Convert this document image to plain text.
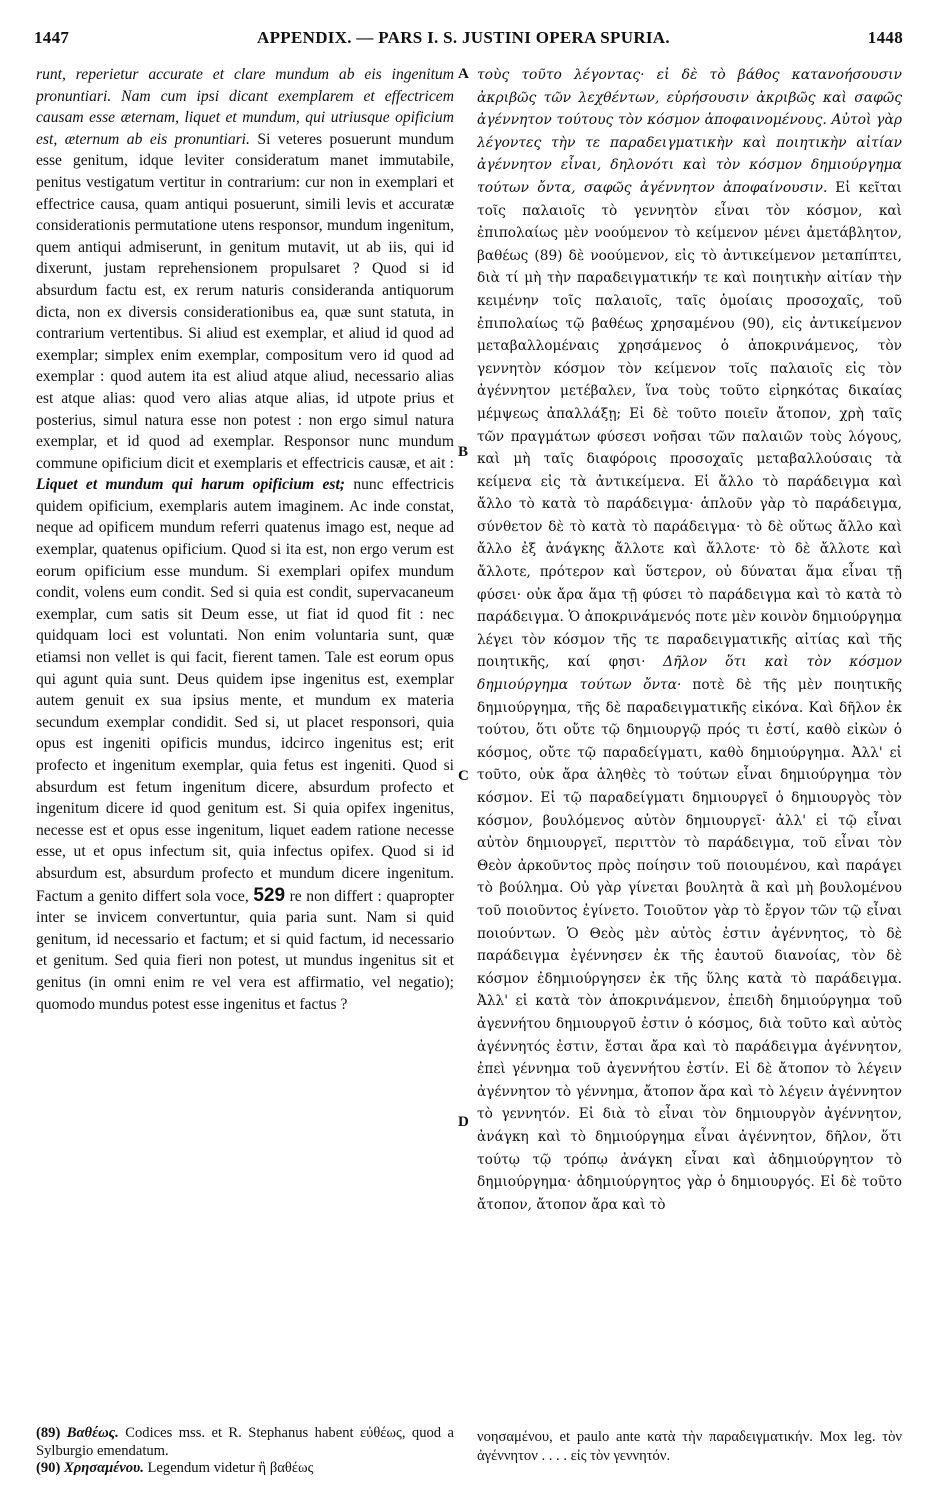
1447	APPENDIX. — PARS I. S. JUSTINI OPERA SPURIA.	1448

runt, reperietur accurate et clare mundum ab eis ingenitum pronuntiari. Nam cum ipsi dicant exemplarem et effectricem causam esse æternam, liquet et mundum, qui utriusque opificium est, æternum ab eis pronuntiari. Si veteres posuerunt mundum esse genitum, idque leviter consideratum manet immutabile, penitus vestigatum vertitur in contrarium: cur non in exemplari et effectrice causa, quam antiqui posuerunt, simili levis et accuratæ considerationis permutatione utens responsor, mundum ingenitum, quem antiqui admiserunt, in genitum mutavit, ut ab iis, qui id dixerunt, justam reprehensionem propulsaret ? Quod si id absurdum factu est, ex rerum naturis consideranda antiquorum dicta, non ex diversis considerationibus ea, quæ sunt statuta, in contrarium vertentibus. Si aliud est exemplar, et aliud id quod ad exemplar; simplex enim exemplar, compositum vero id quod ad exemplar : quod autem ita est aliud atque aliud, necessario alias est atque alias: quod vero alias atque alias, id utpote prius et posterius, simul natura esse non potest : non ergo simul natura exemplar, et id quod ad exemplar. Responsor nunc mundum commune opificium dicit et exemplaris et effectricis causæ, et ait : Liquet et mundum qui harum opificium est; nunc effectricis quidem opificium, exemplaris autem imaginem. Ac inde constat, neque ad opificem mundum referri quatenus imago est, neque ad exemplar, quatenus opificium. Quod si ita est, non ergo verum est eorum opificium esse mundum. Si exemplari opifex mundum condit, volens eum condit. Sed si quia est condit, supervacaneum exemplar, cum satis sit Deum esse, ut fiat id quod fit : nec quidquam loci est voluntati. Non enim voluntaria sunt, quæ etiamsi non vellet is qui facit, fierent tamen. Tale est eorum opus qui agunt quia sunt. Deus quidem ipse ingenitus est, exemplar autem genuit ex sua ipsius mente, et mundum ex materia secundum exemplar condidit. Sed si, ut placet responsori, quia opus est ingeniti opificis mundus, idcirco ingenitus est; erit profecto et ingenitum exemplar, quia fetus est ingeniti. Quod si absurdum est fetum ingenitum dicere, absurdum profecto et ingenitum dicere id quod genitum est. Si quia opifex ingenitus, necesse est et opus esse ingenitum, liquet eadem ratione necesse esse, ut et opus infectum sit, quia infectus opifex. Quod si id absurdum est, absurdum profecto et mundum dicere ingenitum. Factum a genito differt sola voce, 529 re non differt : quapropter inter se invicem convertuntur, quia paria sunt. Nam si quid genitum, id necessario et factum; et si quid factum, id necessario et genitum. Sed quia fieri non potest, ut mundus ingenitus sit et genitus (in omni enim re vel vera est affirmatio, vel negatio); quomodo mundus potest esse ingenitus et factus ?

A
B
C
D

τοὺς τοῦτο λέγοντας· εἰ δὲ τὸ βάθος κατανοήσουσιν ἀκριβῶς τῶν λεχθέντων, εὑρήσουσιν ἀκριβῶς καὶ σαφῶς ἀγέννητον τούτους τὸν κόσμον ἀποφαινομένους. Αὐτοὶ γὰρ λέγοντες τὴν τε παραδειγματικὴν καὶ ποιητικὴν αἰτίαν ἀγέννητον εἶναι, δηλονότι καὶ τὸν κόσμον δημιούργημα τούτων ὄντα, σαφῶς ἀγέννητον ἀποφαίνουσιν. Εἰ κεῖται τοῖς παλαιοῖς τὸ γεννητὸν εἶναι τὸν κόσμον, καὶ ἐπιπολαίως μὲν νοούμενον τὸ κείμενον μένει ἀμετάβλητον, βαθέως (89) δὲ νοούμενον, εἰς τὸ ἀντικείμενον μεταπίπτει, διὰ τί μὴ τὴν παραδειγματικήν τε καὶ ποιητικὴν αἰτίαν τὴν κειμένην τοῖς παλαιοῖς, ταῖς ὁμοίαις προσοχαῖς, τοῦ ἐπιπολαίως τῷ βαθέως χρησαμένου (90), εἰς ἀντικείμενον μεταβαλλομέναις χρησάμενος ὁ ἀποκρινάμενος, τὸν γεννητὸν κόσμον τὸν κείμενον τοῖς παλαιοῖς εἰς τὸν ἀγέννητον μετέβαλεν, ἵνα τοὺς τοῦτο εἰρηκότας δικαίας μέμψεως ἀπαλλάξῃ; Εἰ δὲ τοῦτο ποιεῖν ἄτοπον, χρὴ ταῖς τῶν πραγμάτων φύσεσι νοῆσαι τῶν παλαιῶν τοὺς λόγους, καὶ μὴ ταῖς διαφόροις προσοχαῖς μεταβαλλούσαις τὰ κείμενα εἰς τὰ ἀντικείμενα. Εἰ ἄλλο τὸ παράδειγμα καὶ ἄλλο τὸ κατὰ τὸ παράδειγμα· ἁπλοῦν γὰρ τὸ παράδειγμα, σύνθετον δὲ τὸ κατὰ τὸ παράδειγμα· τὸ δὲ οὕτως ἄλλο καὶ ἄλλο ἐξ ἀνάγκης ἄλλοτε καὶ ἄλλοτε· τὸ δὲ ἄλλοτε καὶ ἄλλοτε, πρότερον καὶ ὕστερον, οὐ δύναται ἅμα εἶναι τῇ φύσει· οὐκ ἄρα ἅμα τῇ φύσει τὸ παράδειγμα καὶ τὸ κατὰ τὸ παράδειγμα. Ὁ ἀποκρινάμενός ποτε μὲν κοινὸν δημιούργημα λέγει τὸν κόσμον τῆς τε παραδειγματικῆς αἰτίας καὶ τῆς ποιητικῆς, καί φησι· Δῆλον ὅτι καὶ τὸν κόσμον δημιούργημα τούτων ὄντα· ποτὲ δὲ τῆς μὲν ποιητικῆς δημιούργημα, τῆς δὲ παραδειγματικῆς εἰκόνα. Καὶ δῆλον ἐκ τούτου, ὅτι οὔτε τῷ δημιουργῷ πρός τι ἐστί, καθὸ εἰκὼν ὁ κόσμος, οὔτε τῷ παραδείγματι, καθὸ δημιούργημα. Ἀλλ' εἰ τοῦτο, οὐκ ἄρα ἀληθὲς τὸ τούτων εἶναι δημιούργημα τὸν κόσμον. Εἰ τῷ παραδείγματι δημιουργεῖ ὁ δημιουργὸς τὸν κόσμον, βουλόμενος αὐτὸν δημιουργεῖ· ἀλλ' εἰ τῷ εἶναι αὐτὸν δημιουργεῖ, περιττὸν τὸ παράδειγμα, τοῦ εἶναι τὸν Θεὸν ἀρκοῦντος πρὸς ποίησιν τοῦ ποιουμένου, καὶ παράγει τὸ βούλημα. Οὐ γὰρ γίνεται βουλητὰ ἃ καὶ μὴ βουλομένου τοῦ ποιοῦντος ἐγίνετο. Τοιοῦτον γὰρ τὸ ἔργον τῶν τῷ εἶναι ποιούντων. Ὁ Θεὸς μὲν αὐτὸς ἐστιν ἀγέννητος, τὸ δὲ παράδειγμα ἐγέννησεν ἐκ τῆς ἑαυτοῦ διανοίας, τὸν δὲ κόσμον ἐδημιούργησεν ἐκ τῆς ὕλης κατὰ τὸ παράδειγμα. Ἀλλ' εἰ κατὰ τὸν ἀποκρινάμενον, ἐπειδὴ δημιούργημα τοῦ ἀγεννήτου δημιουργοῦ ἐστιν ὁ κόσμος, διὰ τοῦτο καὶ αὐτὸς ἀγέννητός ἐστιν, ἔσται ἄρα καὶ τὸ παράδειγμα ἀγέννητον, ἐπεὶ γέννημα τοῦ ἀγεννήτου ἐστίν. Εἰ δὲ ἄτοπον τὸ λέγειν ἀγέννητον τὸ γέννημα, ἄτοπον ἄρα καὶ τὸ λέγειν ἀγέννητον τὸ γεννητόν. Εἰ διὰ τὸ εἶναι τὸν δημιουργὸν ἀγέννητον, ἀνάγκη καὶ τὸ δημιούργημα εἶναι ἀγέννητον, δῆλον, ὅτι τούτῳ τῷ τρόπῳ ἀνάγκη εἶναι καὶ ἀδημιούργητον τὸ δημιούργημα· ἀδημιούργητος γὰρ ὁ δημιουργός. Εἰ δὲ τοῦτο ἄτοπον, ἄτοπον ἄρα καὶ τὸ

(89) Βαθέως. Codices mss. et R. Stephanus habent εὐθέως, quod a Sylburgio emendatum.

(90) Χρησαμένου. Legendum videtur ἢ βαθέως

νοησαμένου, et paulo ante κατὰ τὴν παραδειγματικήν. Mox leg. τὸν ἀγέννητον . . . . εἰς τὸν γεννητόν.
